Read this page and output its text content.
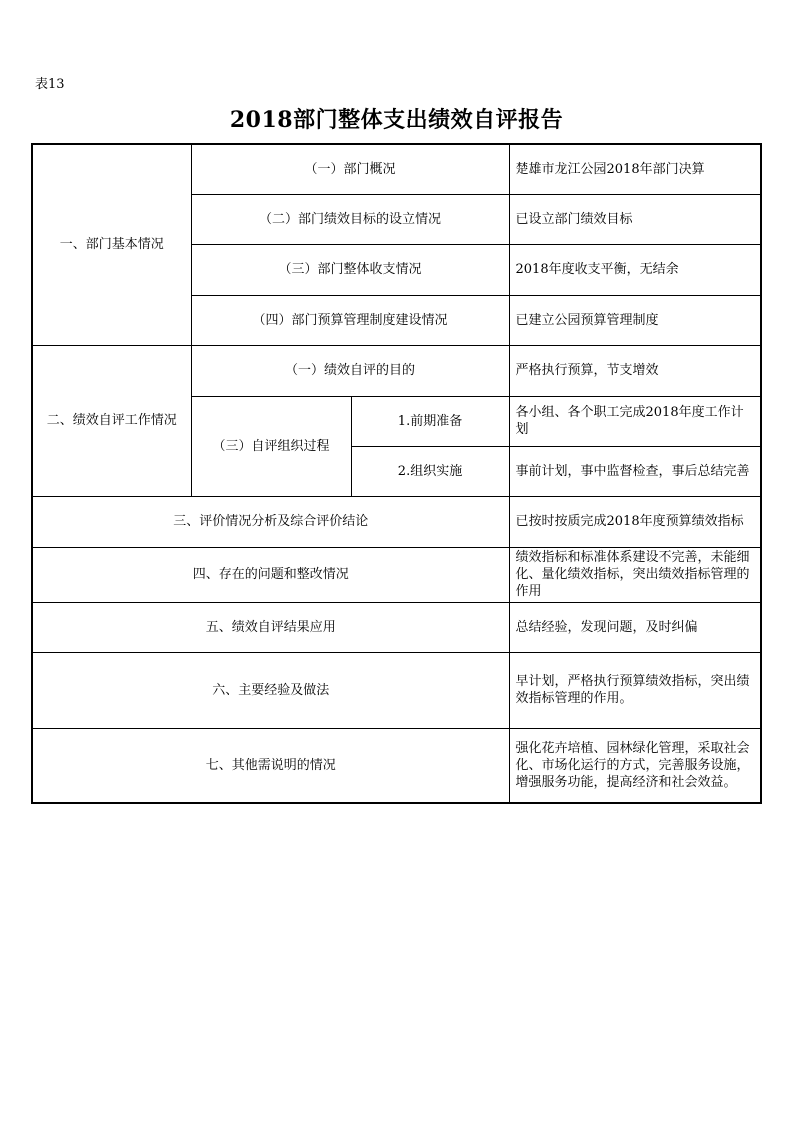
表13
2018部门整体支出绩效自评报告
一、部门基本情况	（一）部门概况		楚雄市龙江公园2018年部门决算
	（二）部门绩效目标的设立情况		已设立部门绩效目标
	（三）部门整体收支情况		2018年度收支平衡，无结余
	（四）部门预算管理制度建设情况		已建立公园预算管理制度
二、绩效自评工作情况	（一）绩效自评的目的		严格执行预算，节支增效
	（三）自评组织过程	1.前期准备	各小组、各个职工完成2018年度工作计划
		2.组织实施	事前计划，事中监督检查，事后总结完善
三、评价情况分析及综合评价结论			已按时按质完成2018年度预算绩效指标
四、存在的问题和整改情况			绩效指标和标准体系建设不完善，未能细化、量化绩效指标，突出绩效指标管理的作用
五、绩效自评结果应用			总结经验，发现问题，及时纠偏
六、主要经验及做法			早计划，严格执行预算绩效指标，突出绩效指标管理的作用。
七、其他需说明的情况			强化花卉培植、园林绿化管理，采取社会化、市场化运行的方式，完善服务设施，增强服务功能，提高经济和社会效益。
